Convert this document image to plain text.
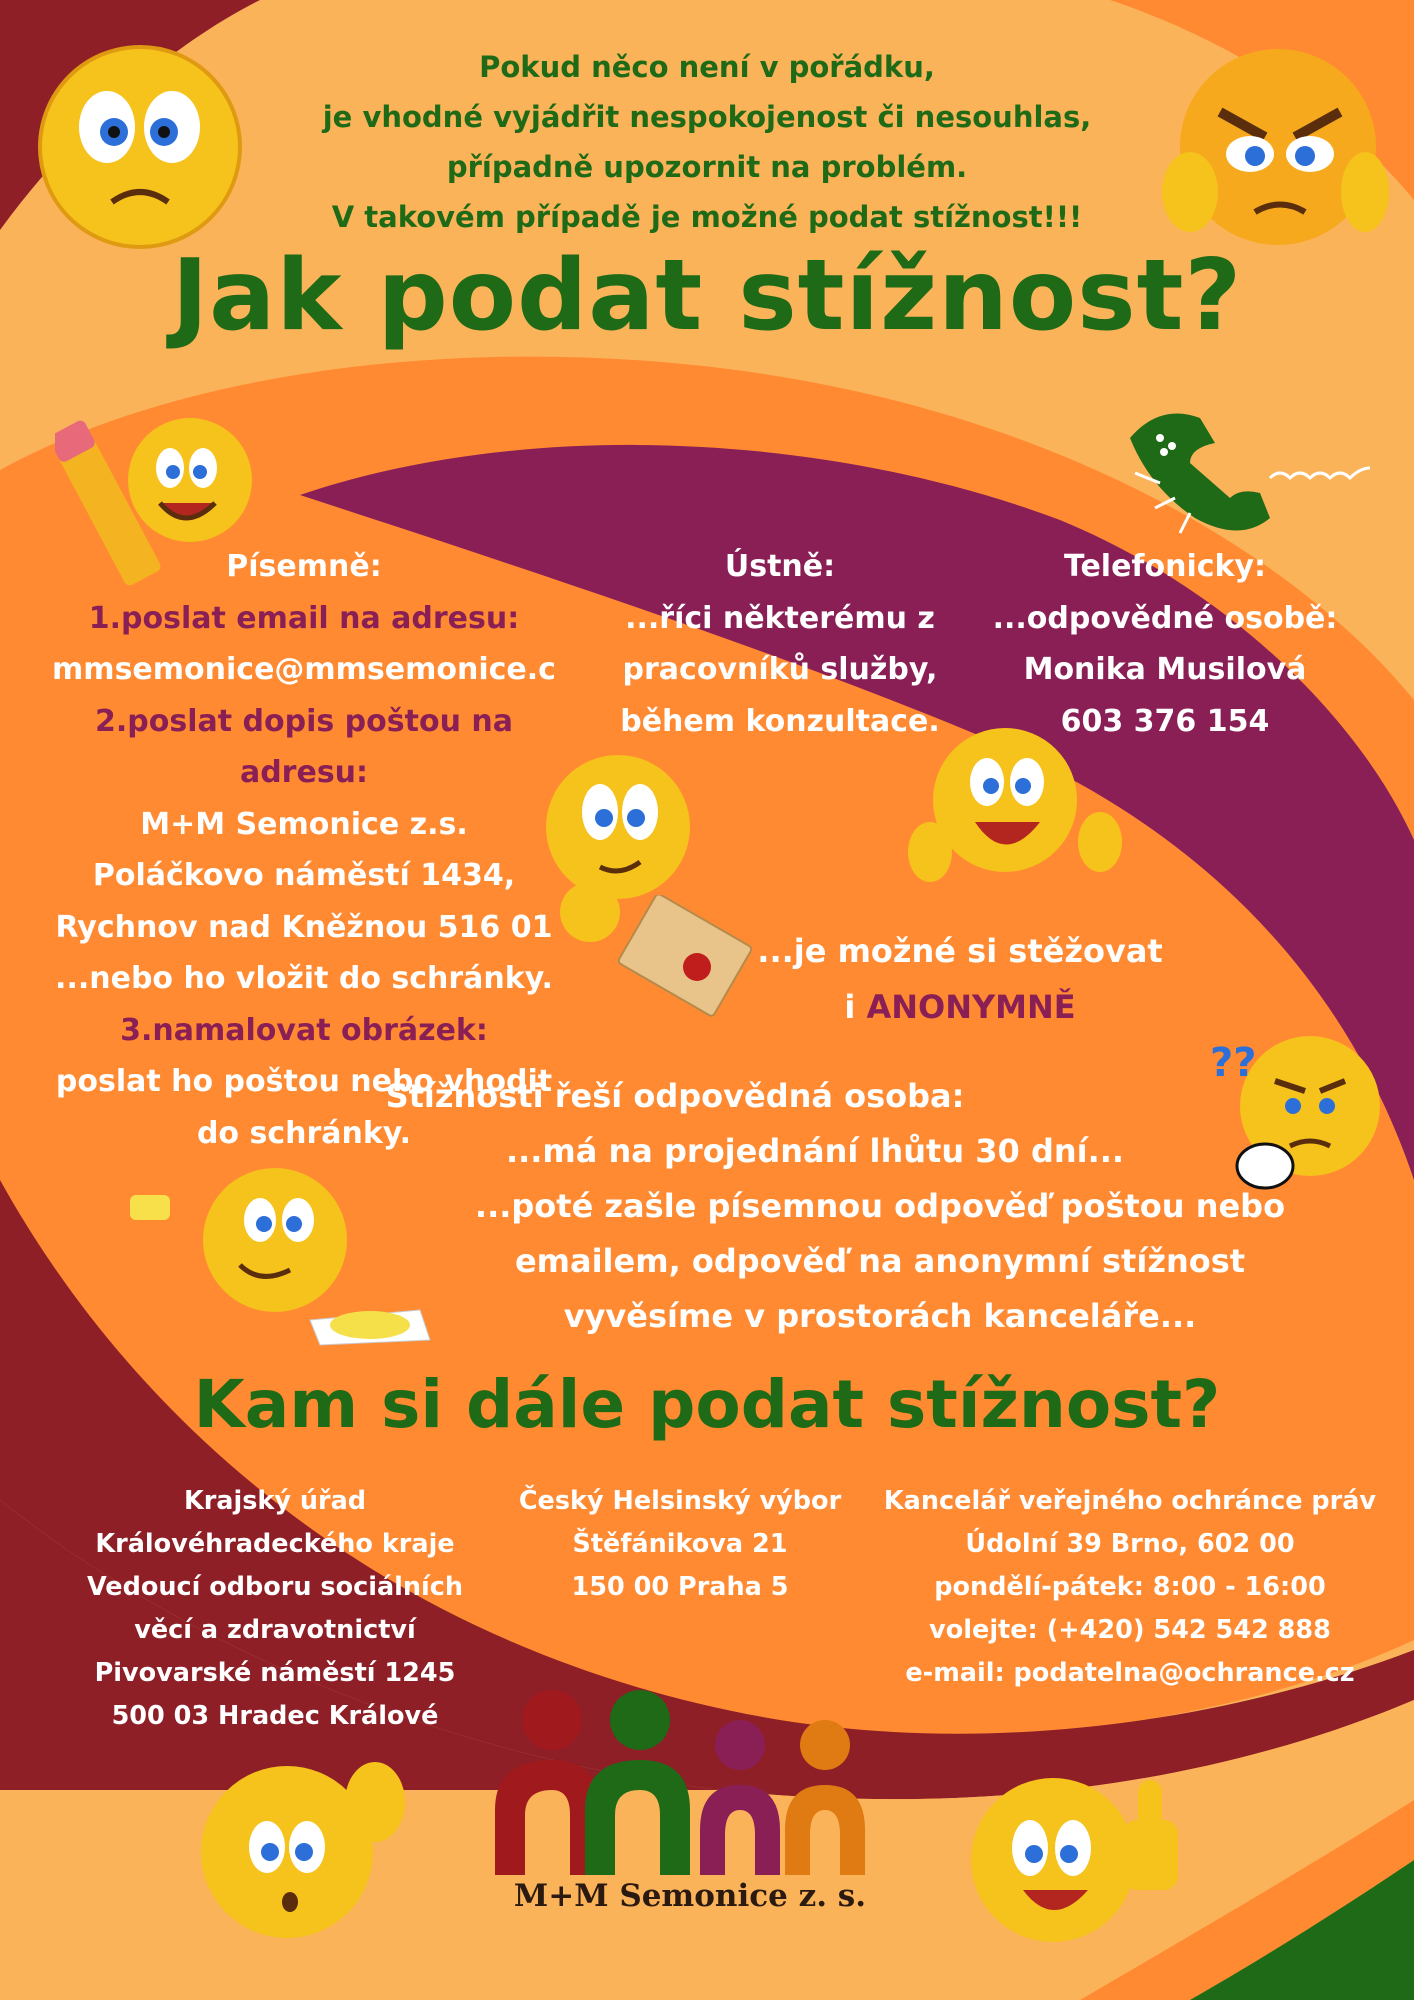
??
Pokud něco není v pořádku,
je vhodné vyjádřit nespokojenost či nesouhlas,
případně upozornit na problém.
V takovém případě je možné podat stížnost!!!
Jak podat stížnost?
Písemně:
1.poslat email na adresu:
mmsemonice@mmsemonice.c
2.poslat dopis poštou na
adresu:
M+M Semonice z.s.
Poláčkovo náměstí 1434,
Rychnov nad Kněžnou 516 01
...nebo ho vložit do schránky.
3.namalovat obrázek:
poslat ho poštou nebo vhodit
do schránky.
Ústně:
...říci některému z
pracovníků služby,
během konzultace.
Telefonicky:
...odpovědné osobě:
Monika Musilová
603 376 154
...je možné si stěžovat
i ANONYMNĚ
Stížnosti řeší odpovědná osoba:
...má na projednání lhůtu 30 dní...
...poté zašle písemnou odpověď poštou nebo
emailem, odpověď na anonymní stížnost
vyvěsíme v prostorách kanceláře...
Kam si dále podat stížnost?
Krajský úřad
Královéhradeckého kraje
Vedoucí odboru sociálních
věcí a zdravotnictví
Pivovarské náměstí 1245
500 03 Hradec Králové
Český Helsinský výbor
Štěfánikova 21
150 00 Praha 5
Kancelář veřejného ochránce práv
Údolní 39 Brno, 602 00
pondělí-pátek: 8:00 - 16:00
volejte: (+420) 542 542 888
e-mail: podatelna@ochrance.cz
M+M Semonice z. s.
